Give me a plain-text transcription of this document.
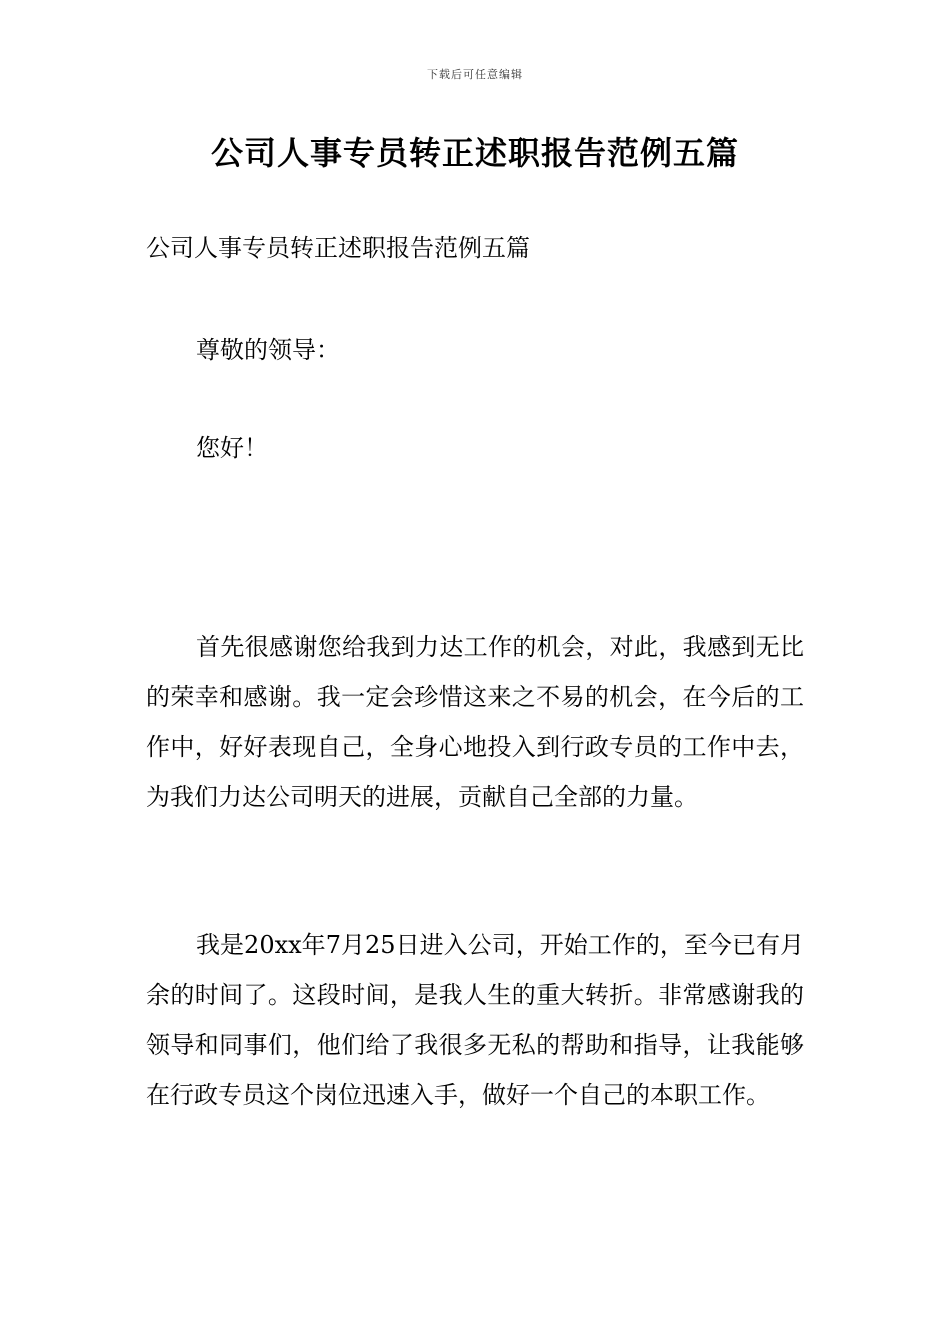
下载后可任意编辑
公司人事专员转正述职报告范例五篇
公司人事专员转正述职报告范例五篇
尊敬的领导：
您好！

首先很感谢您给我到力达工作的机会，对此，我感到无比的荣幸和感谢。我一定会珍惜这来之不易的机会，在今后的工作中，好好表现自己，全身心地投入到行政专员的工作中去，为我们力达公司明天的进展，贡献自己全部的力量。

我是20xx年7月25日进入公司，开始工作的，至今已有月余的时间了。这段时间，是我人生的重大转折。非常感谢我的领导和同事们，他们给了我很多无私的帮助和指导，让我能够在行政专员这个岗位迅速入手，做好一个自己的本职工作。
